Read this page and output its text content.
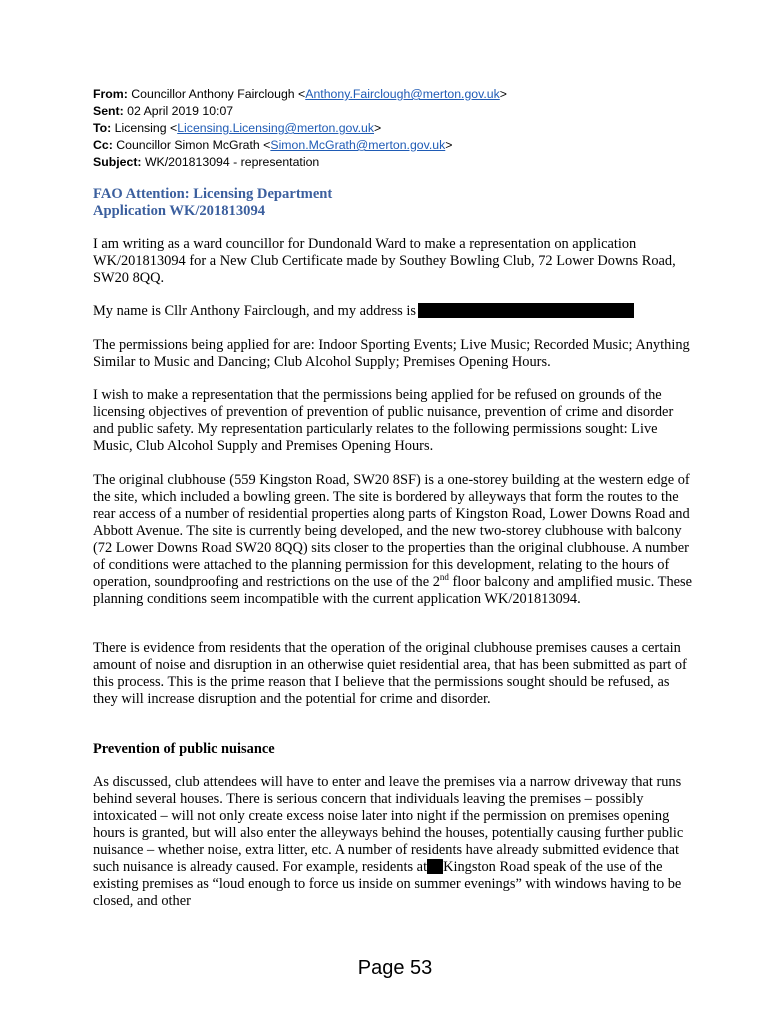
From: Councillor Anthony Fairclough <Anthony.Fairclough@merton.gov.uk>
Sent: 02 April 2019 10:07
To: Licensing <Licensing.Licensing@merton.gov.uk>
Cc: Councillor Simon McGrath <Simon.McGrath@merton.gov.uk>
Subject: WK/201813094 - representation
FAO Attention: Licensing Department
Application WK/201813094
I am writing as a ward councillor for Dundonald Ward to make a representation on application WK/201813094 for a New Club Certificate made by Southey Bowling Club, 72 Lower Downs Road, SW20 8QQ.
My name is Cllr Anthony Fairclough, and my address is
The permissions being applied for are: Indoor Sporting Events; Live Music; Recorded Music; Anything Similar to Music and Dancing; Club Alcohol Supply; Premises Opening Hours.
I wish to make a representation that the permissions being applied for be refused on grounds of the licensing objectives of prevention of prevention of public nuisance, prevention of crime and disorder and public safety. My representation particularly relates to the following permissions sought: Live Music, Club Alcohol Supply and Premises Opening Hours.
The original clubhouse (559 Kingston Road, SW20 8SF) is a one-storey building at the western edge of the site, which included a bowling green. The site is bordered by alleyways that form the routes to the rear access of a number of residential properties along parts of Kingston Road, Lower Downs Road and Abbott Avenue. The site is currently being developed, and the new two-storey clubhouse with balcony (72 Lower Downs Road SW20 8QQ) sits closer to the properties than the original clubhouse. A number of conditions were attached to the planning permission for this development, relating to the hours of operation, soundproofing and restrictions on the use of the 2nd floor balcony and amplified music. These planning conditions seem incompatible with the current application WK/201813094.
There is evidence from residents that the operation of the original clubhouse premises causes a certain amount of noise and disruption in an otherwise quiet residential area, that has been submitted as part of this process. This is the prime reason that I believe that the permissions sought should be refused, as they will increase disruption and the potential for crime and disorder.
Prevention of public nuisance
As discussed, club attendees will have to enter and leave the premises via a narrow driveway that runs behind several houses. There is serious concern that individuals leaving the premises – possibly intoxicated – will not only create excess noise later into night if the permission on premises opening hours is granted, but will also enter the alleyways behind the houses, potentially causing further public nuisance – whether noise, extra litter, etc. A number of residents have already submitted evidence that such nuisance is already caused. For example, residents at Kingston Road speak of the use of the existing premises as “loud enough to force us inside on summer evenings” with windows having to be closed, and other
Page 53
